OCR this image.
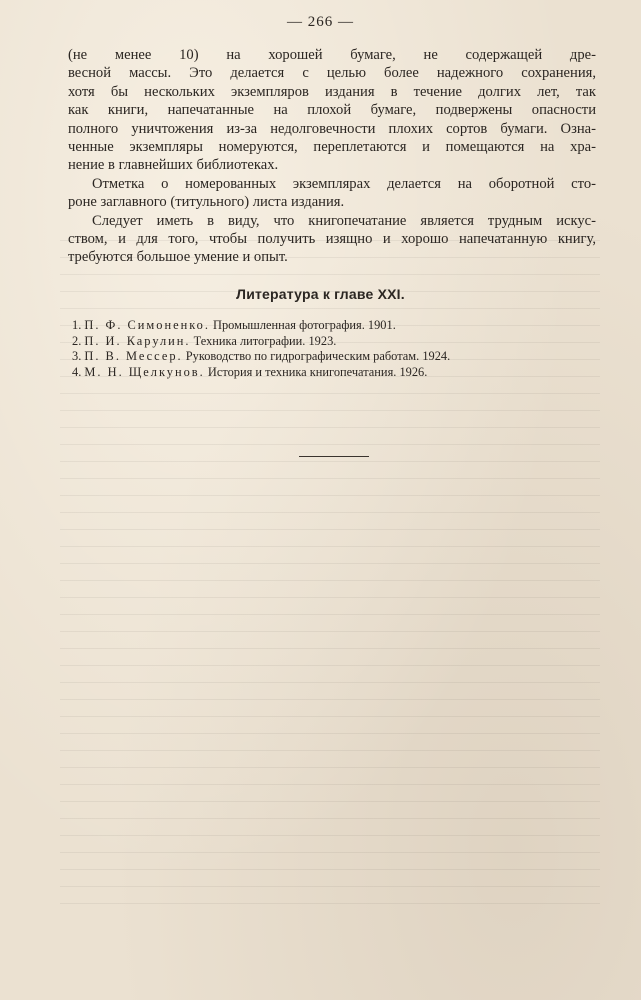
— 266 —
(не менее 10) на хорошей бумаге, не содержащей дре-
весной массы. Это делается с целью более надежного сохранения,
хотя бы нескольких экземпляров издания в течение долгих лет, так
как книги, напечатанные на плохой бумаге, подвержены опасности
полного уничтожения из-за недолговечности плохих сортов бумаги. Озна-
ченные экземпляры номеруются, переплетаются и помещаются на хра-
нение в главнейших библиотеках.
Отметка о номерованных экземплярах делается на оборотной сто-
роне заглавного (титульного) листа издания.
Следует иметь в виду, что книгопечатание является трудным искус-
ством, и для того, чтобы получить изящно и хорошо напечатанную книгу,
требуются большое умение и опыт.
Литература к главе XXI.
1. П. Ф. Симоненко. Промышленная фотография. 1901.
2. П. И. Карулин. Техника литографии. 1923.
3. П. В. Мессер. Руководство по гидрографическим работам. 1924.
4. М. Н. Щелкунов. История и техника книгопечатания. 1926.
